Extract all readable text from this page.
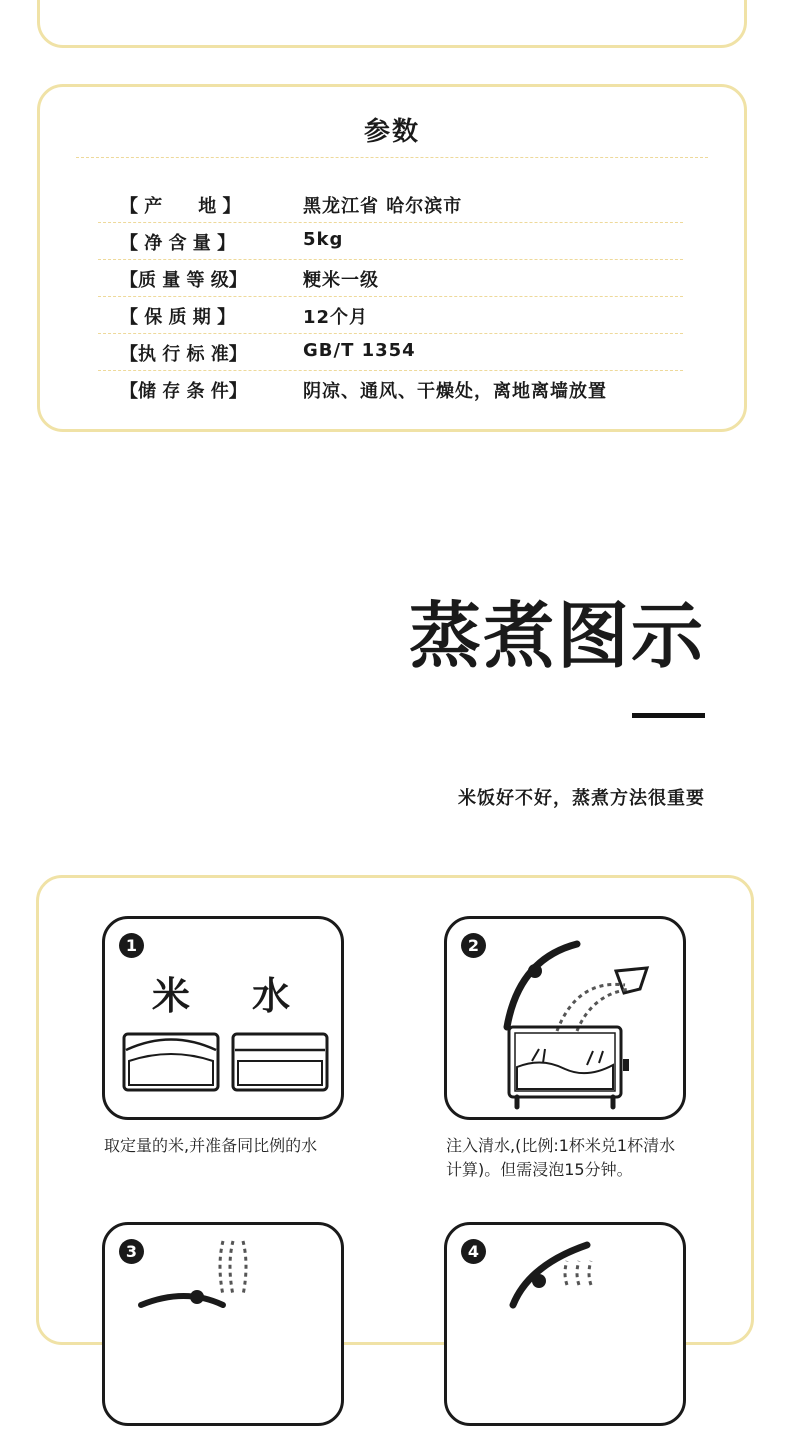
参数
【 产　　地 】	黑龙江省 哈尔滨市
【 净 含 量 】	5kg
【质 量 等 级】	粳米一级
【 保 质 期 】	12个月
【执 行 标 准】	GB/T 1354
【储 存 条 件】	阴凉、通风、干燥处，离地离墙放置
蒸煮图示
米饭好不好，蒸煮方法很重要
1
米 水
取定量的米,并准备同比例的水
2
注入清水,(比例:1杯米兑1杯清水
计算)。但需浸泡15分钟。
3	4
